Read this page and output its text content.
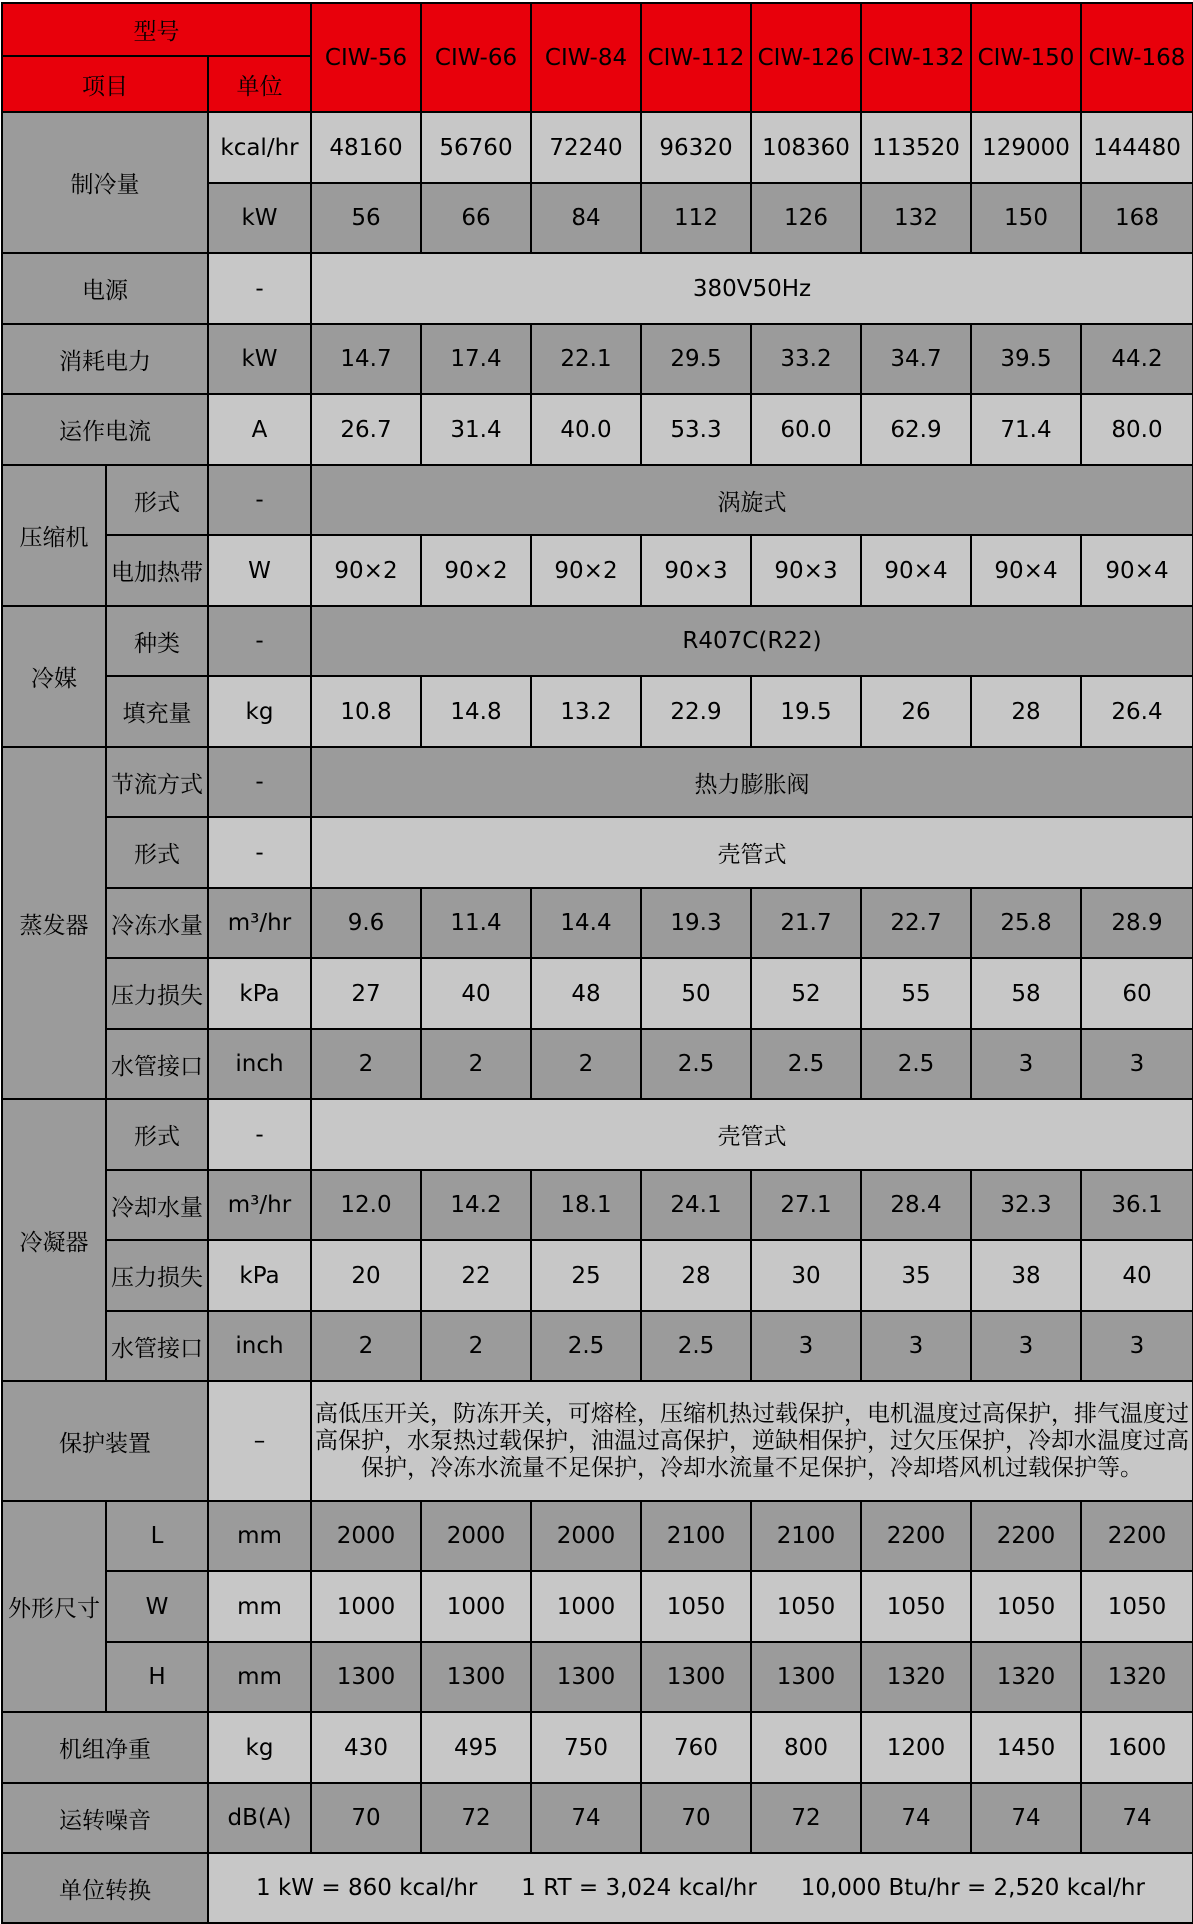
型号			CIW-56	CIW-66	CIW-84	CIW-112	CIW-126	CIW-132	CIW-150	CIW-168
项目		单位								
制冷量		kcal/hr	48160	56760	72240	96320	108360	113520	129000	144480
		kW	56	66	84	112	126	132	150	168
电源		-	380V50Hz							
消耗电力		kW	14.7	17.4	22.1	29.5	33.2	34.7	39.5	44.2
运作电流		A	26.7	31.4	40.0	53.3	60.0	62.9	71.4	80.0
压缩机	形式	-	涡旋式							
	电加热带	W	90×2	90×2	90×2	90×3	90×3	90×4	90×4	90×4
冷媒	种类	-	R407C(R22)							
	填充量	kg	10.8	14.8	13.2	22.9	19.5	26	28	26.4
蒸发器	节流方式	-	热力膨胀阀							
	形式	-	壳管式							
	冷冻水量	m³/hr	9.6	11.4	14.4	19.3	21.7	22.7	25.8	28.9
	压力损失	kPa	27	40	48	50	52	55	58	60
	水管接口	inch	2	2	2	2.5	2.5	2.5	3	3
冷凝器	形式	-	壳管式							
	冷却水量	m³/hr	12.0	14.2	18.1	24.1	27.1	28.4	32.3	36.1
	压力损失	kPa	20	22	25	28	30	35	38	40
	水管接口	inch	2	2	2.5	2.5	3	3	3	3
保护装置		–	高低压开关，防冻开关，可熔栓，压缩机热过载保护，电机温度过高保护，排气温度过高保护，水泵热过载保护，油温过高保护，逆缺相保护，过欠压保护，冷却水温度过高保护，冷冻水流量不足保护，冷却水流量不足保护，冷却塔风机过载保护等。							
外形尺寸	L	mm	2000	2000	2000	2100	2100	2200	2200	2200
	W	mm	1000	1000	1000	1050	1050	1050	1050	1050
	H	mm	1300	1300	1300	1300	1300	1320	1320	1320
机组净重		kg	430	495	750	760	800	1200	1450	1600
运转噪音		dB(A)	70	72	74	70	72	74	74	74
单位转换		1 kW = 860 kcal/hr      1 RT = 3,024 kcal/hr      10,000 Btu/hr = 2,520 kcal/hr								
